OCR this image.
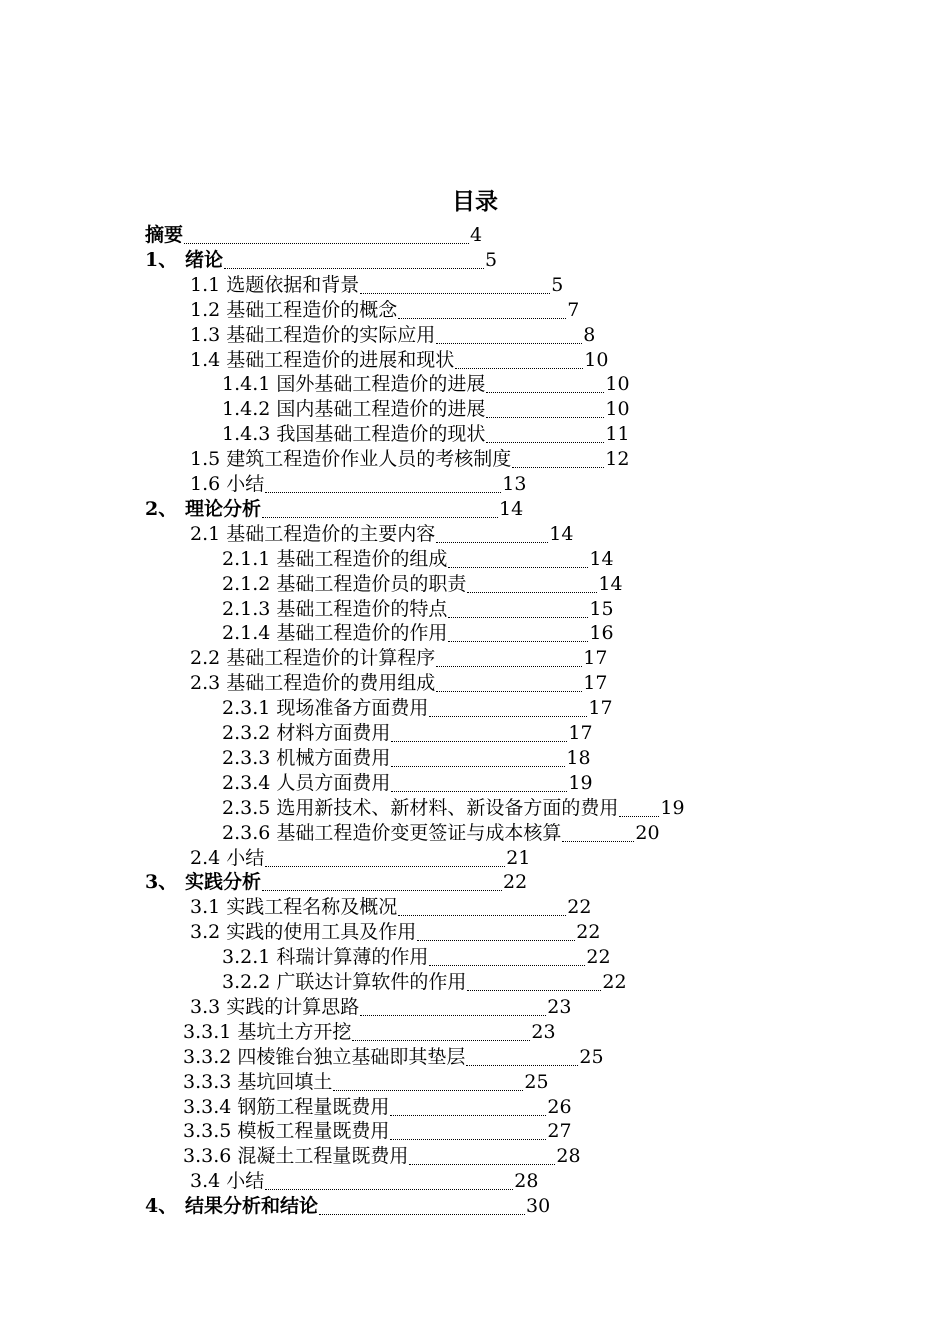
目录
摘要	4
1、 绪论	5
1.1 选题依据和背景	5
1.2 基础工程造价的概念	7
1.3 基础工程造价的实际应用	8
1.4 基础工程造价的进展和现状	10
1.4.1 国外基础工程造价的进展	10
1.4.2 国内基础工程造价的进展	10
1.4.3 我国基础工程造价的现状	11
1.5 建筑工程造价作业人员的考核制度	12
1.6 小结	13
2、 理论分析	14
2.1 基础工程造价的主要内容	14
2.1.1 基础工程造价的组成	14
2.1.2 基础工程造价员的职责	14
2.1.3 基础工程造价的特点	15
2.1.4 基础工程造价的作用	16
2.2 基础工程造价的计算程序	17
2.3 基础工程造价的费用组成	17
2.3.1 现场准备方面费用	17
2.3.2 材料方面费用	17
2.3.3 机械方面费用	18
2.3.4 人员方面费用	19
2.3.5 选用新技术、新材料、新设备方面的费用 19
2.3.6 基础工程造价变更签证与成本核算	20
2.4 小结	21
3、 实践分析	22
3.1 实践工程名称及概况	22
3.2 实践的使用工具及作用	22
3.2.1 科瑞计算薄的作用	22
3.2.2 广联达计算软件的作用	22
3.3 实践的计算思路	23
3.3.1 基坑土方开挖	23
3.3.2 四棱锥台独立基础即其垫层	25
3.3.3 基坑回填土	25
3.3.4 钢筋工程量既费用	26
3.3.5 模板工程量既费用	27
3.3.6 混凝土工程量既费用	28
3.4 小结	28
4、 结果分析和结论	30
